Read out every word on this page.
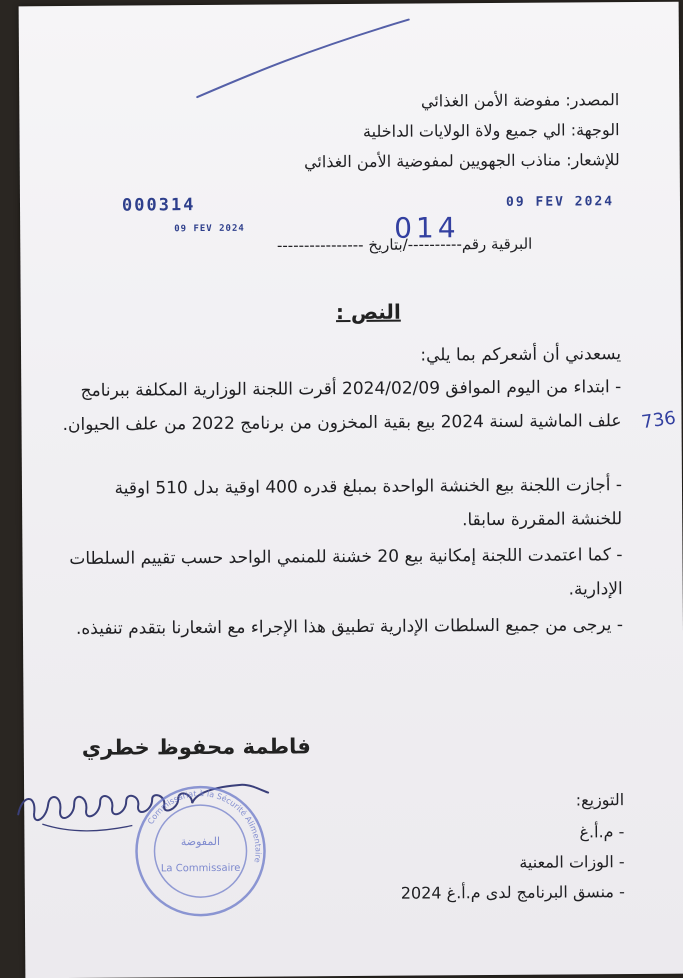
المصدر: مفوضة الأمن الغذائي
الوجهة: الي جميع ولاة الولايات الداخلية
للإشعار: مناذب الجهويين لمفوضية الأمن الغذائي
000314	09 FEV 2024
09 FEV 2024	014
البرقية رقم----------/بتاريخ ----------------
النص :
يسعدني أن أشعركم بما يلي:
- ابتداء من اليوم الموافق 2024/02/09 أقرت اللجنة الوزارية المكلفة ببرنامج علف الماشية لسنة 2024 بيع بقية المخزون من برنامج 2022 من علف الحيوان.
- أجازت اللجنة بيع الخنشة الواحدة بمبلغ قدره 400 اوقية بدل 510 اوقية للخنشة المقررة سابقا.
- كما اعتمدت اللجنة إمكانية بيع 20 خشنة للمنمي الواحد حسب تقييم السلطات الإدارية.
- يرجى من جميع السلطات الإدارية تطبيق هذا الإجراء مع اشعارنا بتقدم تنفيذه.
736
فاطمة محفوظ خطري
Commissariat à la Sécurité Alimentaire
المفوضة
La Commissaire
التوزيع:
- م.أ.غ
- الوزات المعنية
- منسق البرنامج لدى م.أ.غ 2024
